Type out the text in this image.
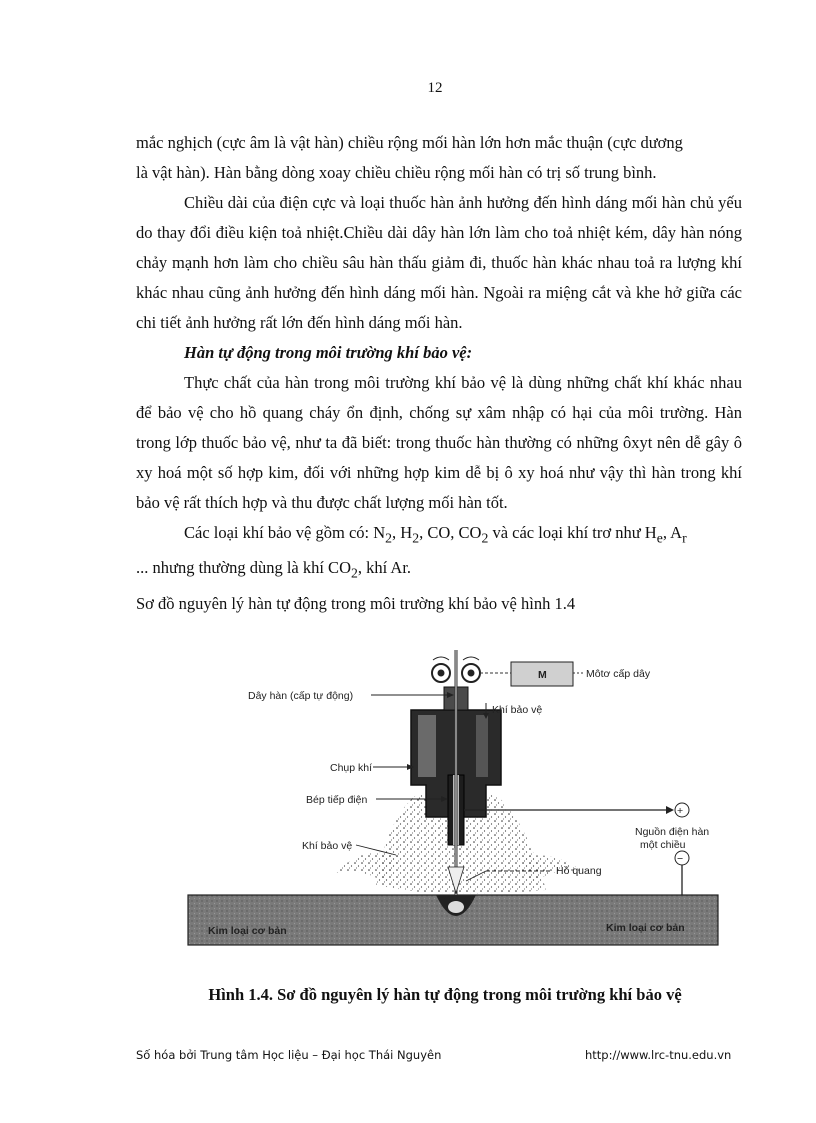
12

mắc nghịch (cực âm là vật hàn) chiều rộng mối hàn lớn hơn mắc thuận (cực dương

là vật hàn). Hàn bằng dòng xoay chiều chiều rộng mối hàn có trị số trung bình.

Chiều dài của điện cực và loại thuốc hàn ảnh hưởng đến hình dáng mối hàn chủ yếu do thay đổi điều kiện toả nhiệt.Chiều dài dây hàn lớn làm cho toả nhiệt kém, dây hàn nóng chảy mạnh hơn làm cho chiều sâu hàn thấu giảm đi, thuốc hàn khác nhau toả ra lượng khí khác nhau cũng ảnh hưởng đến hình dáng mối hàn. Ngoài ra miệng cắt và khe hở giữa các chi tiết ảnh hưởng rất lớn đến hình dáng mối hàn.

Hàn tự động trong môi trường khí bảo vệ:

Thực chất của hàn trong môi trường khí bảo vệ là dùng những chất khí khác nhau để bảo vệ cho hồ quang cháy ổn định, chống sự xâm nhập có hại của môi trường. Hàn trong lớp thuốc bảo vệ, như ta đã biết: trong thuốc hàn thường có những ôxyt nên dễ gây ô xy hoá một số hợp kim, đối với những hợp kim dễ bị ô xy hoá như vậy thì hàn trong khí bảo vệ rất thích hợp và thu được chất lượng mối hàn tốt.

Các loại khí bảo vệ gồm có: $N_2$, $H_2$, CO, $CO_2$ và các loại khí trơ như $H_e$, $A_r$

... nhưng thường dùng là khí $CO_2$, khí Ar.

Sơ đồ nguyên lý hàn tự động trong môi trường khí bảo vệ hình 1.4

M	Môtơ cấp dây
Dây hàn (cấp tự động)
Khí bảo vệ
Chụp khí
Bép tiếp điện
Khí bảo vệ
+
Nguồn điện hàn
một chiều
−
Hồ quang
Kim loại cơ bản	Kim loại cơ bản
Hình 1.4. Sơ đồ nguyên lý hàn tự động trong môi trường khí bảo vệ
Số hóa bởi Trung tâm Học liệu – Đại học Thái Nguyên	http://www.lrc-tnu.edu.vn
